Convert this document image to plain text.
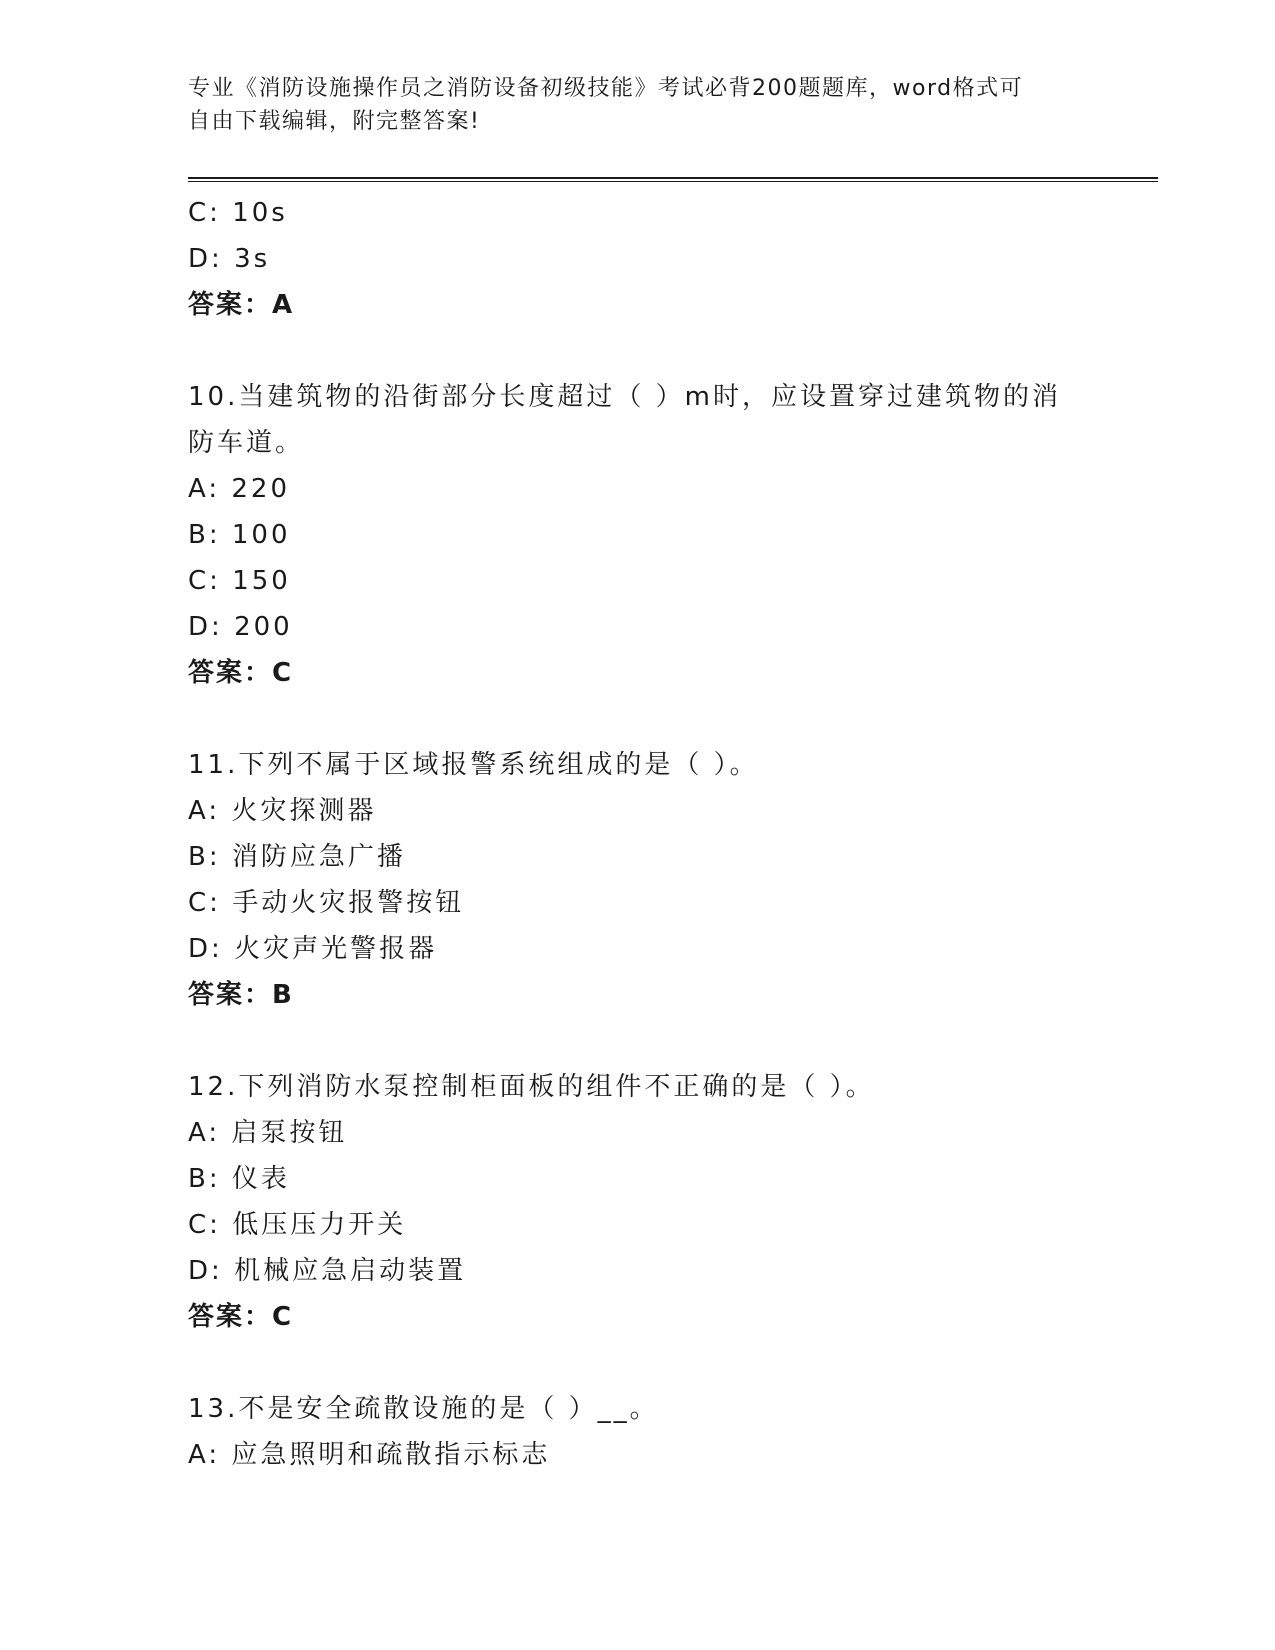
专业《消防设施操作员之消防设备初级技能》考试必背200题题库，word格式可
自由下载编辑，附完整答案!
C: 10s
D: 3s
答案：A
10.当建筑物的沿街部分长度超过（ ）m时，应设置穿过建筑物的消
防车道。
A: 220
B: 100
C: 150
D: 200
答案：C
11.下列不属于区域报警系统组成的是（ ）。
A: 火灾探测器
B: 消防应急广播
C: 手动火灾报警按钮
D: 火灾声光警报器
答案：B
12.下列消防水泵控制柜面板的组件不正确的是（ ）。
A: 启泵按钮
B: 仪表
C: 低压压力开关
D: 机械应急启动装置
答案：C
13.不是安全疏散设施的是（ ）__。
A: 应急照明和疏散指示标志
